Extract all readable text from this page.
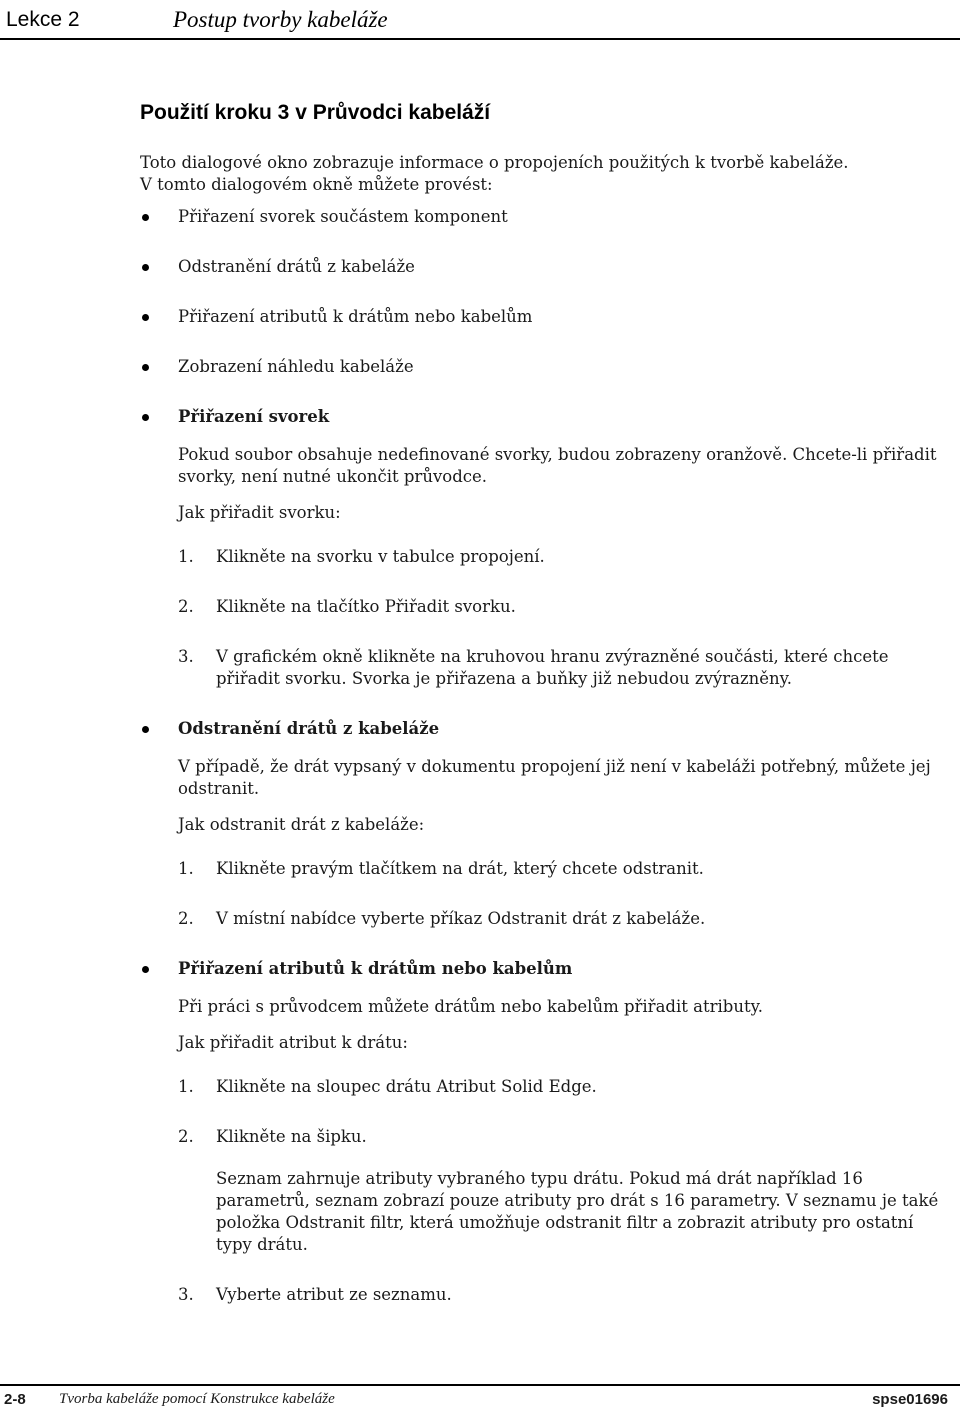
Lekce 2	Postup tvorby kabeláže
Použití kroku 3 v Průvodci kabeláží

Toto dialogové okno zobrazuje informace o propojeních použitých k tvorbě kabeláže.
V tomto dialogovém okně můžete provést:

Přiřazení svorek součástem komponent
Odstranění drátů z kabeláže
Přiřazení atributů k drátům nebo kabelům
Zobrazení náhledu kabeláže
Přiřazení svorek

Pokud soubor obsahuje nedefinované svorky, budou zobrazeny oranžově. Chcete-li přiřadit svorky, není nutné ukončit průvodce.

Jak přiřadit svorku:

1. Klikněte na svorku v tabulce propojení.
2. Klikněte na tlačítko Přiřadit svorku.
3. V grafickém okně klikněte na kruhovou hranu zvýrazněné součásti, které chcete přiřadit svorku. Svorka je přiřazena a buňky již nebudou zvýrazněny.
Odstranění drátů z kabeláže

V případě, že drát vypsaný v dokumentu propojení již není v kabeláži potřebný, můžete jej odstranit.

Jak odstranit drát z kabeláže:

1. Klikněte pravým tlačítkem na drát, který chcete odstranit.
2. V místní nabídce vyberte příkaz Odstranit drát z kabeláže.
Přiřazení atributů k drátům nebo kabelům

Při práci s průvodcem můžete drátům nebo kabelům přiřadit atributy.

Jak přiřadit atribut k drátu:

1. Klikněte na sloupec drátu Atribut Solid Edge.
2. Klikněte na šipku.
Seznam zahrnuje atributy vybraného typu drátu. Pokud má drát například 16 parametrů, seznam zobrazí pouze atributy pro drát s 16 parametry. V seznamu je také položka Odstranit filtr, která umožňuje odstranit filtr a zobrazit atributy pro ostatní typy drátu.
3. Vyberte atribut ze seznamu.
2-8 Tvorba kabeláže pomocí Konstrukce kabeláže	spse01696
